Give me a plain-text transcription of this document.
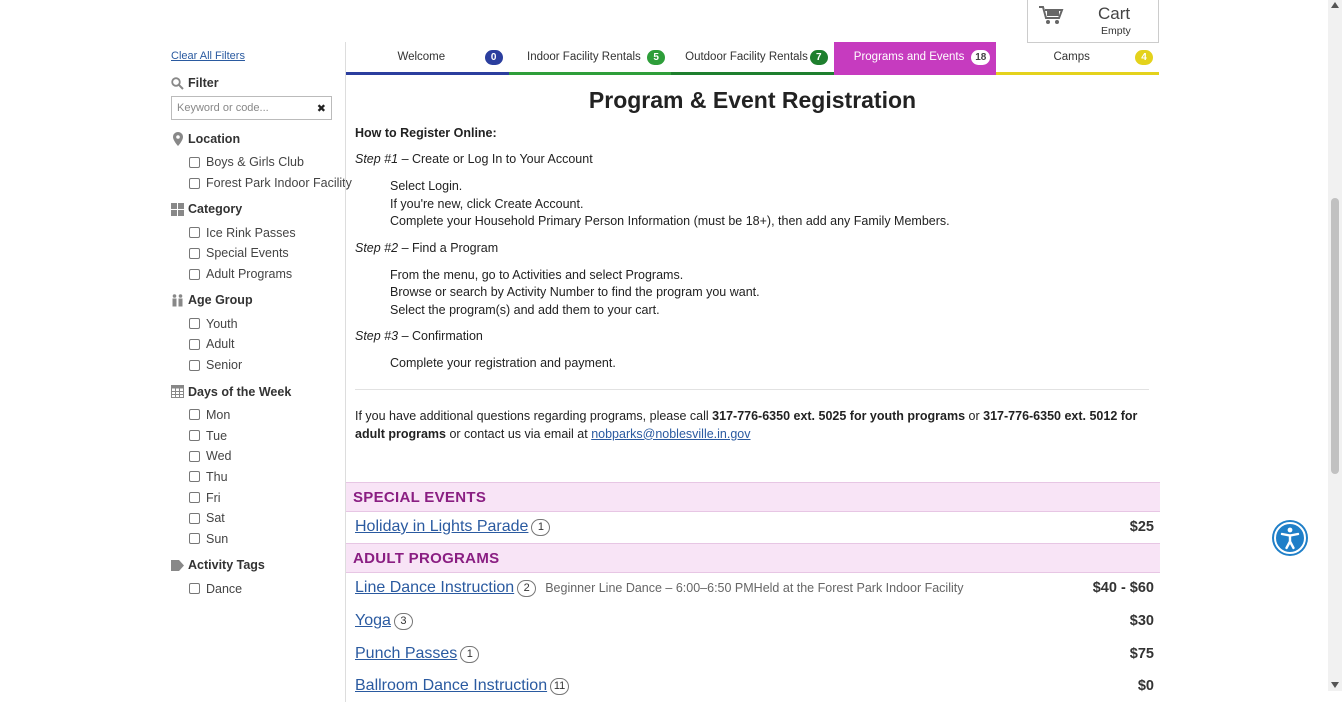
Clear All Filters
Filter
Keyword or code...
✖
Location
Boys & Girls Club
Forest Park Indoor Facility
Category
Ice Rink Passes
Special Events
Adult Programs
Age Group
Youth
Adult
Senior
Days of the Week
Mon
Tue
Wed
Thu
Fri
Sat
Sun
Activity Tags
Dance
Cart
Empty
Welcome	0	Indoor Facility Rentals	5	Outdoor Facility Rentals 7	Programs and Events	18	Camps	4
Program & Event Registration
How to Register Online:
Step #1 – Create or Log In to Your Account
Select Login.
If you're new, click Create Account.
Complete your Household Primary Person Information (must be 18+), then add any Family Members.
Step #2 – Find a Program
From the menu, go to Activities and select Programs.
Browse or search by Activity Number to find the program you want.
Select the program(s) and add them to your cart.
Step #3 – Confirmation
Complete your registration and payment.
If you have additional questions regarding programs, please call 317-776-6350 ext. 5025 for youth programs or 317-776-6350 ext. 5012 for adult programs or contact us via email at nobparks@noblesville.in.gov
SPECIAL EVENTS
Holiday in Lights Parade 1	$25
ADULT PROGRAMS
Line Dance Instruction 2	Beginner Line Dance – 6:00–6:50 PMHeld at the Forest Park Indoor Facility	$40 - $60
Yoga 3	$30
Punch Passes 1	$75
Ballroom Dance Instruction 11	$0
